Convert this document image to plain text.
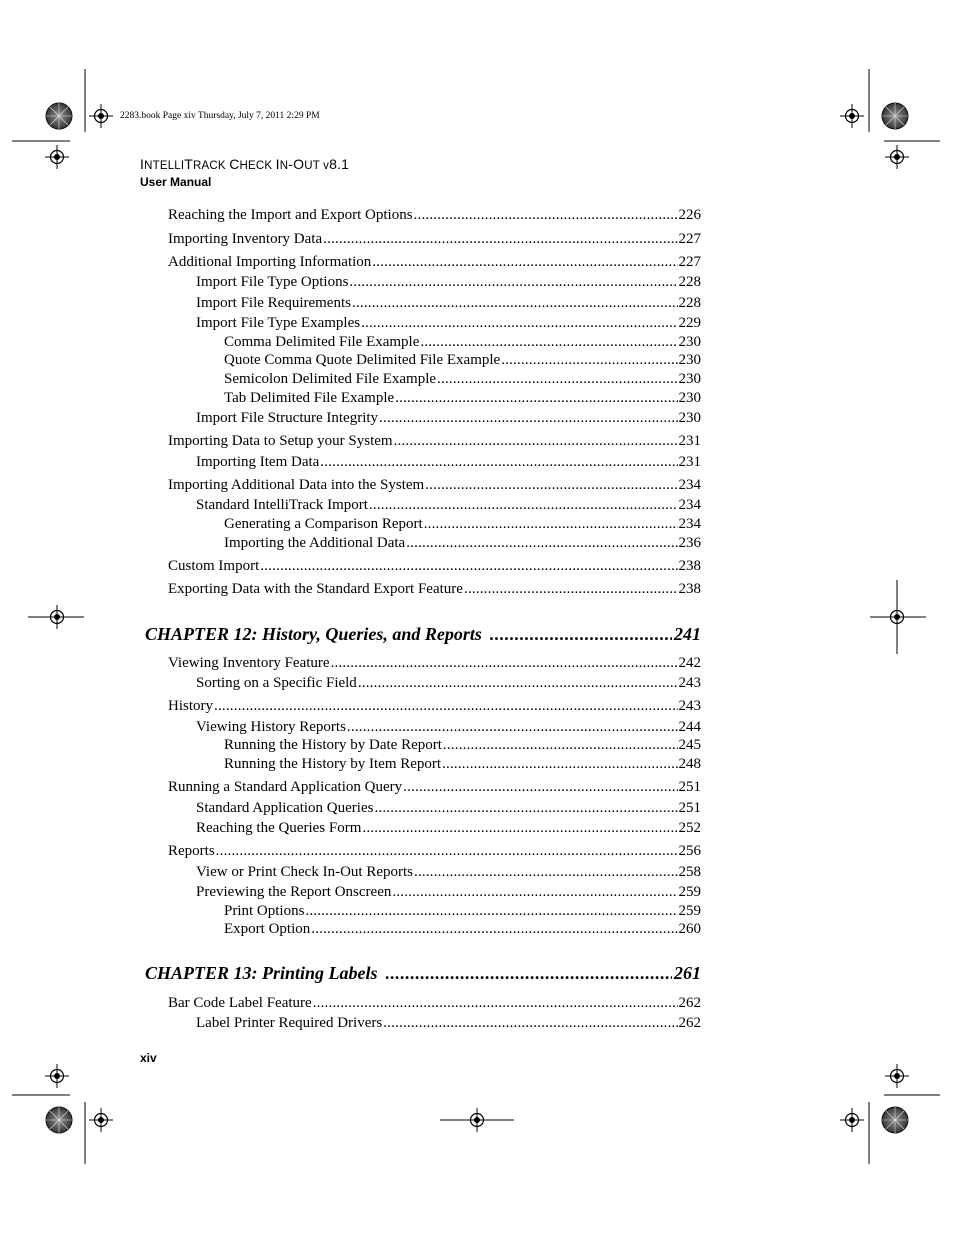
2283.book Page xiv Thursday, July 7, 2011 2:29 PM
INTELLITRACK CHECK IN-OUT v8.1
User Manual
Reaching the Import and Export Options .....	226
Importing Inventory Data .....	227
Additional Importing Information .....	227
Import File Type Options .....	228
Import File Requirements .....	228
Import File Type Examples .....	229
Comma Delimited File Example .....	230
Quote Comma Quote Delimited File Example .....	230
Semicolon Delimited File Example .....	230
Tab Delimited File Example .....	230
Import File Structure Integrity .....	230
Importing Data to Setup your System .....	231
Importing Item Data .....	231
Importing Additional Data into the System .....	234
Standard IntelliTrack Import .....	234
Generating a Comparison Report .....	234
Importing the Additional Data .....	236
Custom Import .....	238
Exporting Data with the Standard Export Feature .....	238
CHAPTER 12: History, Queries, and Reports .....	241
Viewing Inventory Feature .....	242
Sorting on a Specific Field .....	243
History .....	243
Viewing History Reports .....	244
Running the History by Date Report .....	245
Running the History by Item Report .....	248
Running a Standard Application Query .....	251
Standard Application Queries .....	251
Reaching the Queries Form .....	252
Reports .....	256
View or Print Check In-Out Reports .....	258
Previewing the Report Onscreen .....	259
Print Options .....	259
Export Option .....	260
CHAPTER 13: Printing Labels .....	261
Bar Code Label Feature .....	262
Label Printer Required Drivers .....	262
xiv
